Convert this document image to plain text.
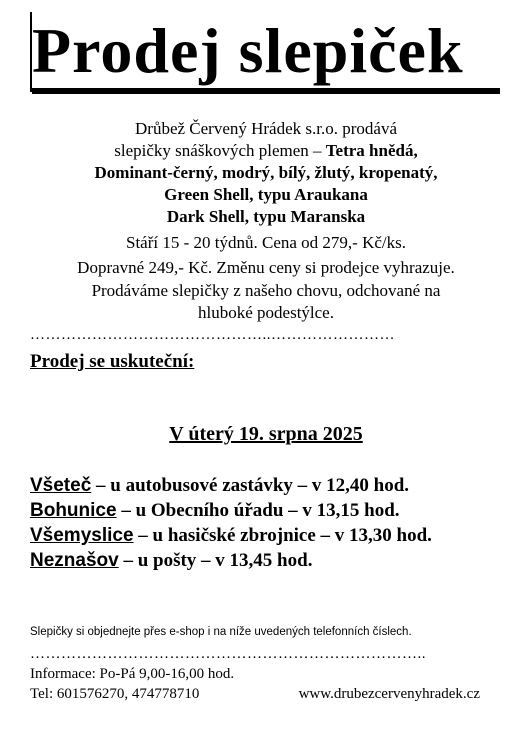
Prodej slepiček
Drůbež Červený Hrádek s.r.o. prodává
slepičky snáškových plemen – Tetra hnědá,
Dominant-černý, modrý, bílý, žlutý, kropenatý,
Green Shell, typu Araukana
Dark Shell, typu Maranska
Stáří 15 - 20 týdnů. Cena od 279,- Kč/ks.
Dopravné 249,- Kč. Změnu ceny si prodejce vyhrazuje.
Prodáváme slepičky z našeho chovu, odchované na
hluboké podestýlce.
………………………………………..……………………
Prodej se uskuteční:
V úterý 19. srpna 2025
Všeteč – u autobusové zastávky – v 12,40 hod.
Bohunice – u Obecního úřadu – v 13,15 hod.
Všemyslice – u hasičské zbrojnice – v 13,30 hod.
Neznašov – u pošty – v 13,45 hod.
Slepičky si objednejte přes e-shop i na níže uvedených telefonních číslech.
…………………………………………………………………..
Informace: Po-Pá 9,00-16,00 hod.
Tel: 601576270, 474778710	www.drubezcervenyhradek.cz
